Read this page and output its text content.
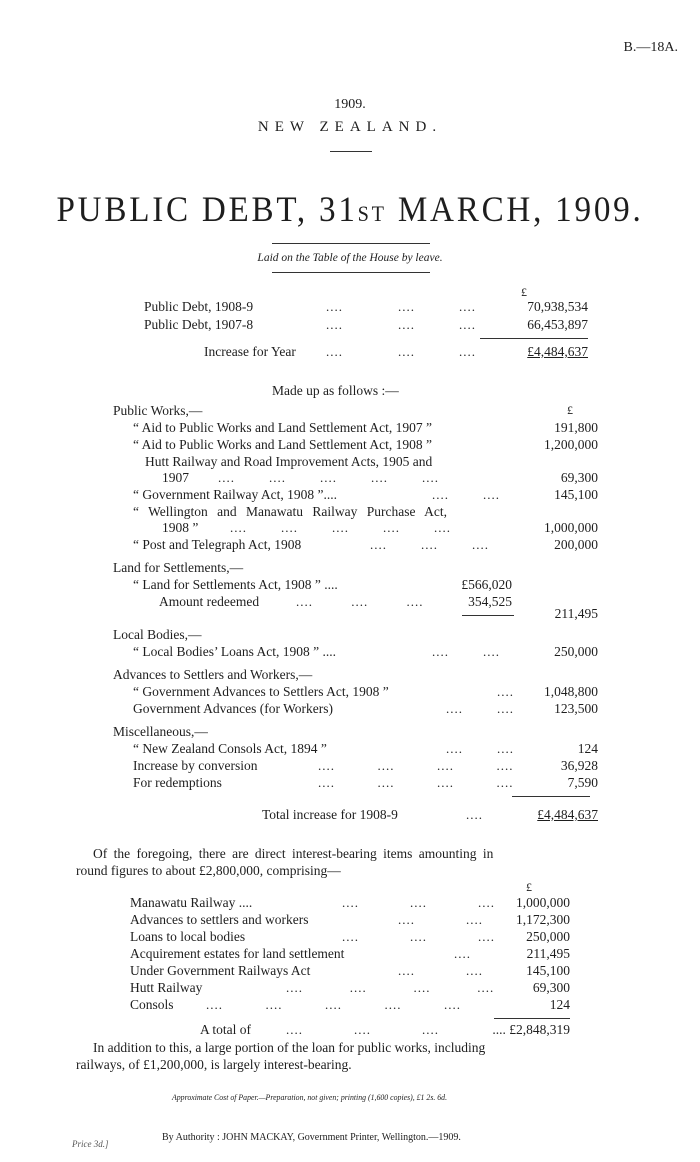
B.—18A.
1909.
NEW ZEALAND.
PUBLIC DEBT, 31ST MARCH, 1909.
Laid on the Table of the House by leave.
£
Public Debt, 1908-9	....	....	....	70,938,534
Public Debt, 1907-8	....	....	....	66,453,897
Increase for Year ....	....	....	£4,484,637
Made up as follows :—
Public Works,—	£
“ Aid to Public Works and Land Settlement Act, 1907 ”	191,800
“ Aid to Public Works and Land Settlement Act, 1908 ”	1,200,000
Hutt Railway and Road Improvement Acts, 1905 and
1907 ....        ....        ....        ....        ....	69,300
“ Government Railway Act, 1908 ”....	....        ....	145,100
“ Wellington and Manawatu Railway Purchase Act,
1908 ” ....        ....        ....        ....        ....	1,000,000
“ Post and Telegraph Act, 1908	....        ....        ....	200,000
Land for Settlements,—
“ Land for Settlements Act, 1908 ” ....	£566,020
Amount redeemed	....         ....         ....	354,525
211,495
Local Bodies,—
“ Local Bodies’ Loans Act, 1908 ” ....	....        ....	250,000
Advances to Settlers and Workers,—
“ Government Advances to Settlers Act, 1908 ”	.... 1,048,800
Government Advances (for Workers)	....        ....	123,500
Miscellaneous,—
“ New Zealand Consols Act, 1894 ”	....        ....	124
Increase by conversion	....          ....          ....          ....	36,928
For redemptions	....          ....          ....          ....	7,590
Total increase for 1908-9	....	£4,484,637
Of the foregoing, there are direct interest-bearing items amounting in
round figures to about £2,800,000, comprising—
£
Manawatu Railway ....	....            ....            .... 1,000,000
Advances to settlers and workers	....            .... 1,172,300
Loans to local bodies	....            ....            .... 250,000
Acquirement estates for land settlement	....	211,495
Under Government Railways Act	....            ....	145,100
Hutt Railway	....           ....           ....           ....	69,300
Consols ....          ....          ....          ....          ....	124
A total of	....            ....            ....	.... £2,848,319
In addition to this, a large portion of the loan for public works, including
railways, of £1,200,000, is largely interest-bearing.
Approximate Cost of Paper.—Preparation, not given; printing (1,600 copies), £1 2s. 6d.
By Authority : JOHN MACKAY, Government Printer, Wellington.—1909.
Price 3d.]
